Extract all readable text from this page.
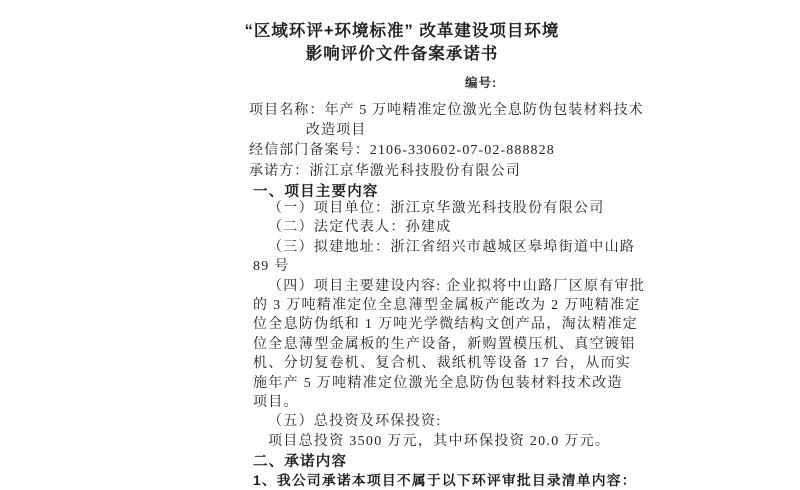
“区域环评+环境标准” 改革建设项目环境
影响评价文件备案承诺书
编号:
项目名称：年产 5 万吨精准定位激光全息防伪包装材料技术
改造项目
经信部门备案号：2106-330602-07-02-888828
承诺方：浙江京华激光科技股份有限公司
一、项目主要内容
（一）项目单位：浙江京华激光科技股份有限公司
（二）法定代表人：孙建成
（三）拟建地址：浙江省绍兴市越城区皋埠街道中山路
89 号
（四）项目主要建设内容: 企业拟将中山路厂区原有审批
的 3 万吨精准定位全息薄型金属板产能改为 2 万吨精准定
位全息防伪纸和 1 万吨光学微结构文创产品，淘汰精准定
位全息薄型金属板的生产设备，新购置模压机、真空镀铝
机、分切复卷机、复合机、裁纸机等设备 17 台，从而实
施年产 5 万吨精准定位激光全息防伪包装材料技术改造
项目。
（五）总投资及环保投资:
项目总投资 3500 万元，其中环保投资 20.0 万元。
二、承诺内容
1、我公司承诺本项目不属于以下环评审批目录清单内容：
